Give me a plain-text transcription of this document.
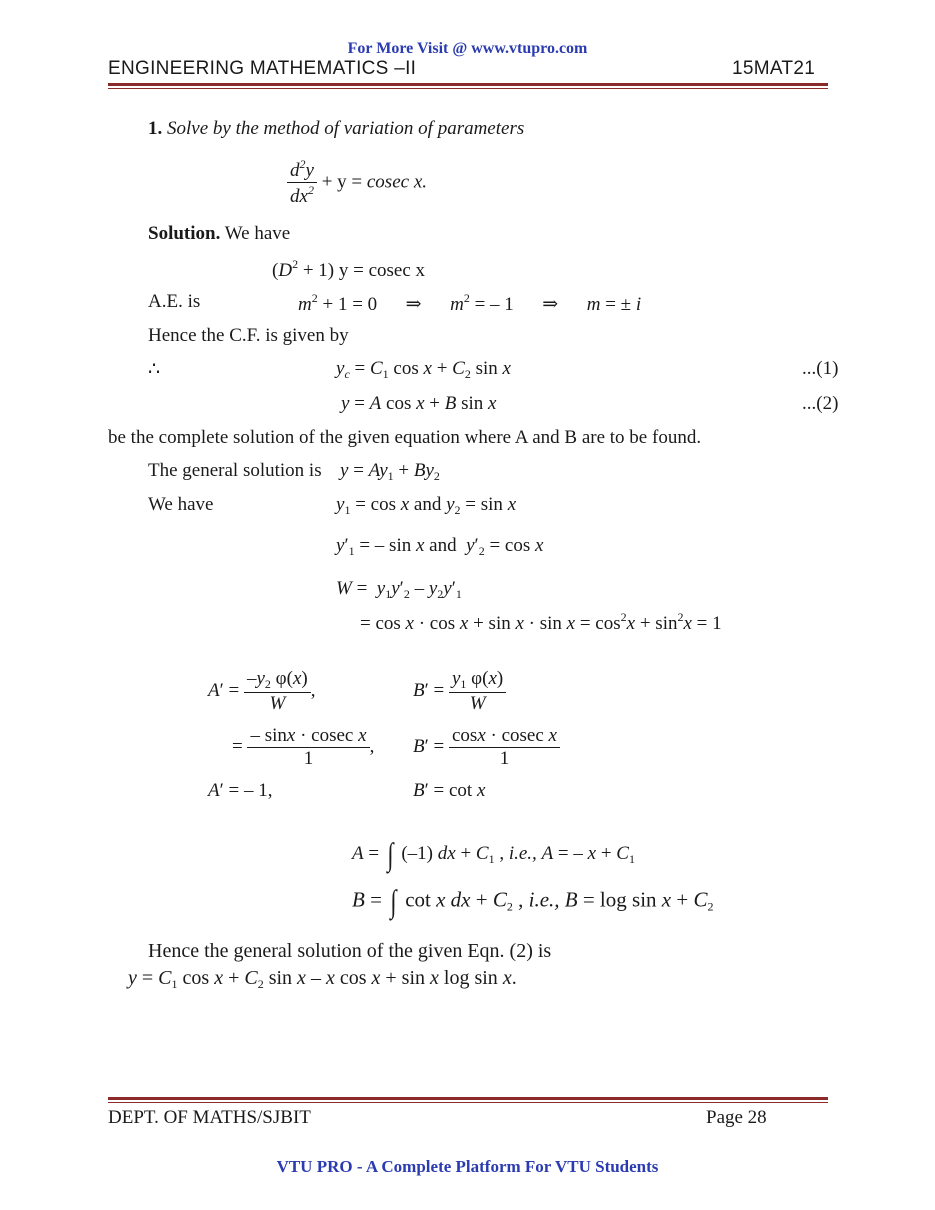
For More Visit @ www.vtupro.com
ENGINEERING MATHEMATICS –II	15MAT21
1. Solve by the method of variation of parameters
$\frac{d^2y}{dx^2} + y = cosec$ x.
Solution. We have
$(D^2 + 1) y = cosec$ x
A.E. is	$m^2 + 1 = 0$      ⇒      $m^2$ = – 1      ⇒      m = ± i
Hence the C.F. is given by
∴	$y_c = C_1$ $\cos x + C_2$ sin x	...(1)
y = A cos x + B sin x	...(2)
be the complete solution of the given equation where A and B are to be found.
The general solution is $y = Ay_1 + By_2$
We have	$y_1 = \cos x$ and $y_2 = \sin x$
$y'_1$ = – sin x and  $y'_2 = \cos x$
$W = y_1y'_2 - y_2y'_1$
= $\cos x \cdot \cos x + \sin x \cdot \sin x = \cos^2x + \sin^2x = 1$
$A' = \frac{-y_2 \varphi(x)}{W}$ ,	$B' = \frac{y_1 \varphi(x)}{W}$
= $\frac{\text{– sinx · cosec x}}{1}$ , $B' = \frac{\text{cosx · cosec x}}{1}$
A′ = – 1,	B′ = cot x
A = ∫ (–1) dx + $C_1$ , i.e., A = – $x + C_1$
B = ∫ cot x dx + $C_2$ , i.e., $B = \log \sin x + C_2$
Hence the general solution of the given Eqn. (2) is
$y = C_1$ $\cos x + C_2$ sin x – x cos x + sin x log sin x.
DEPT. OF MATHS/SJBIT	Page 28
VTU PRO - A Complete Platform For VTU Students
